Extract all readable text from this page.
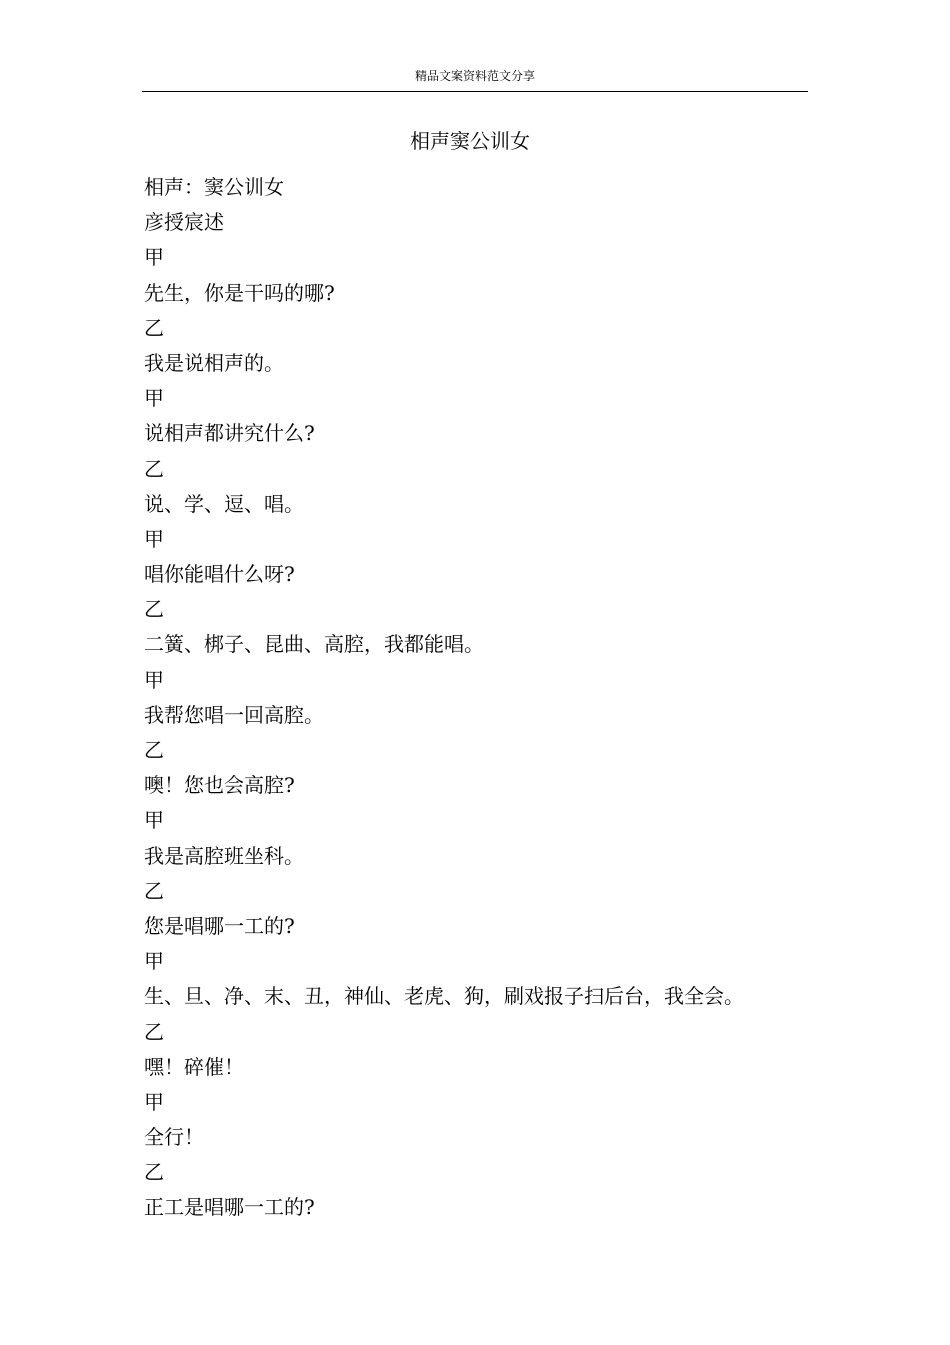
精品文案资料范文分享
相声窦公训女
相声：窦公训女
彦授宸述
甲
先生，你是干吗的哪?
乙
我是说相声的。
甲
说相声都讲究什么?
乙
说、学、逗、唱。
甲
唱你能唱什么呀?
乙
二簧、梆子、昆曲、高腔，我都能唱。
甲
我帮您唱一回高腔。
乙
噢！您也会高腔?
甲
我是高腔班坐科。
乙
您是唱哪一工的?
甲
生、旦、净、末、丑，神仙、老虎、狗，刷戏报子扫后台，我全会。
乙
嘿！碎催！
甲
全行！
乙
正工是唱哪一工的?
